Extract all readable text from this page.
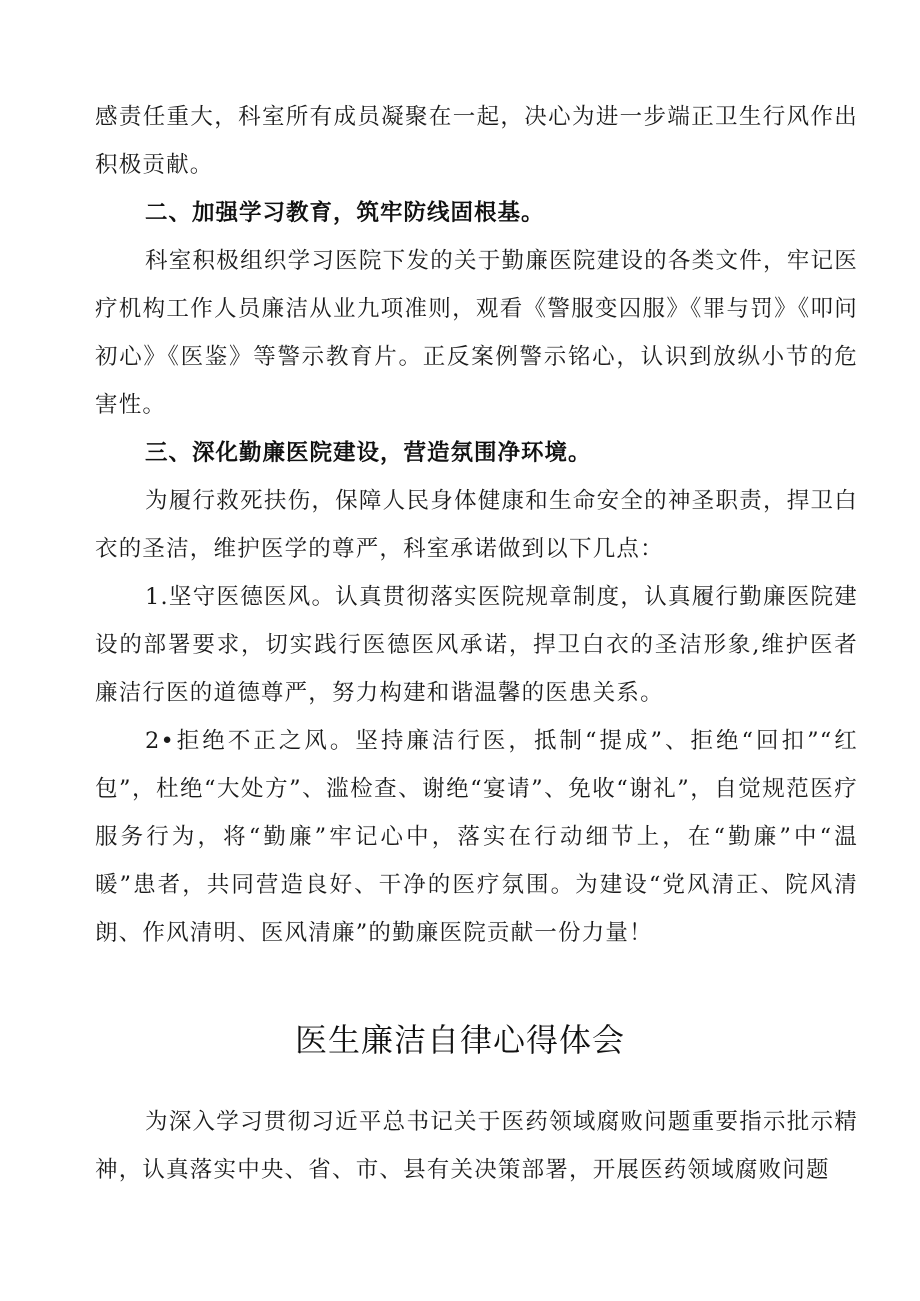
感责任重大，科室所有成员凝聚在一起，决心为进一步端正卫生行风作出积极贡献。

二、加强学习教育，筑牢防线固根基。

科室积极组织学习医院下发的关于勤廉医院建设的各类文件，牢记医疗机构工作人员廉洁从业九项准则，观看《警服变囚服》《罪与罚》《叩问初心》《医鉴》等警示教育片。正反案例警示铭心，认识到放纵小节的危害性。

三、深化勤廉医院建设，营造氛围净环境。

为履行救死扶伤，保障人民身体健康和生命安全的神圣职责，捍卫白衣的圣洁，维护医学的尊严，科室承诺做到以下几点：

1.坚守医德医风。认真贯彻落实医院规章制度，认真履行勤廉医院建设的部署要求，切实践行医德医风承诺，捍卫白衣的圣洁形象,维护医者廉洁行医的道德尊严，努力构建和谐温馨的医患关系。

2•拒绝不正之风。坚持廉洁行医，抵制“提成”、拒绝“回扣”“红包”，杜绝“大处方”、滥检查、谢绝“宴请”、免收“谢礼”，自觉规范医疗服务行为，将“勤廉”牢记心中，落实在行动细节上，在“勤廉”中“温暖”患者，共同营造良好、干净的医疗氛围。为建设“党风清正、院风清朗、作风清明、医风清廉”的勤廉医院贡献一份力量！

医生廉洁自律心得体会

为深入学习贯彻习近平总书记关于医药领域腐败问题重要指示批示精神，认真落实中央、省、市、县有关决策部署，开展医药领域腐败问题
